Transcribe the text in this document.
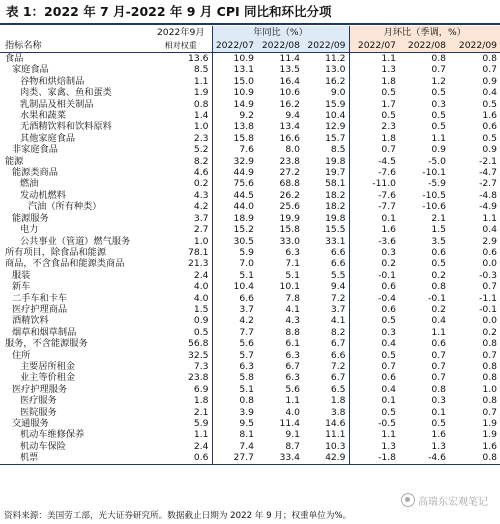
表 1：2022 年 7 月-2022 年 9 月 CPI 同比和环比分项
	2022年9月	年同比（%）			月环比（季调，%）		
指标名称	相对权重	2022/07	2022/08	2022/09	2022/07	2022/08	2022/09
食品	13.6	10.9	11.4	11.2	1.1	0.8	0.8
家庭食品	8.5	13.1	13.5	13.0	1.3	0.7	0.7
谷物和烘焙制品	1.1	15.0	16.4	16.2	1.8	1.2	0.9
肉类、家禽、鱼和蛋类	1.9	10.9	10.6	9.0	0.5	0.5	0.4
乳制品及相关制品	0.8	14.9	16.2	15.9	1.7	0.3	0.5
水果和蔬菜	1.4	9.2	9.4	10.4	0.5	0.5	1.6
无酒精饮料和饮料原料	1.0	13.8	13.4	12.9	2.3	0.5	0.6
其他家庭食品	2.3	15.8	16.6	15.7	1.8	1.1	0.5
非家庭食品	5.2	7.6	8.0	8.5	0.7	0.9	0.9
能源	8.2	32.9	23.8	19.8	-4.5	-5.0	-2.1
能源类商品	4.6	44.9	27.2	19.7	-7.6	-10.1	-4.7
燃油	0.2	75.6	68.8	58.1	-11.0	-5.9	-2.7
发动机燃料	4.3	44.5	26.2	18.2	-7.6	-10.5	-4.8
汽油（所有种类）	4.2	44.0	25.6	18.2	-7.7	-10.6	-4.9
能源服务	3.7	18.9	19.9	19.8	0.1	2.1	1.1
电力	2.7	15.2	15.8	15.5	1.6	1.5	0.4
公共事业（管道）燃气服务	1.0	30.5	33.0	33.1	-3.6	3.5	2.9
所有项目，除食品和能源	78.1	5.9	6.3	6.6	0.3	0.6	0.6
商品，不含食品和能源类商品	21.3	7.0	7.1	6.6	0.2	0.5	0.0
服装	2.4	5.1	5.1	5.5	-0.1	0.2	-0.3
新车	4.0	10.4	10.1	9.4	0.6	0.8	0.7
二手车和卡车	4.0	6.6	7.8	7.2	-0.4	-0.1	-1.1
医疗护理商品	1.5	3.7	4.1	3.7	0.6	0.2	-0.1
酒精饮料	0.9	4.2	4.3	4.1	0.5	0.4	0.0
烟草和烟草制品	0.5	7.7	8.8	8.2	0.3	1.1	0.2
服务，不含能源服务	56.8	5.6	6.1	6.7	0.4	0.6	0.8
住所	32.5	5.7	6.3	6.6	0.5	0.7	0.7
主要居所租金	7.3	6.3	6.7	7.2	0.7	0.7	0.8
业主等价租金	23.8	5.8	6.3	6.7	0.6	0.7	0.8
医疗护理服务	6.9	5.1	5.6	6.5	0.4	0.8	1.0
医疗服务	1.8	0.8	1.1	1.8	0.1	0.3	0.8
医院服务	2.1	3.9	4.0	3.8	0.5	0.1	0.7
交通服务	5.9	9.5	11.4	14.6	-0.5	0.5	1.9
机动车维修保养	1.1	8.1	9.1	11.1	1.1	1.6	1.9
机动车保险	2.4	7.4	8.7	10.3	1.3	1.3	1.6
机票	0.6	27.7	33.4	42.9	-1.8	-4.6	0.8
高瑞东宏观笔记
资料来源：美国劳工部，光大证券研究所。数据截止日期为 2022 年 9 月；权重单位为%。
